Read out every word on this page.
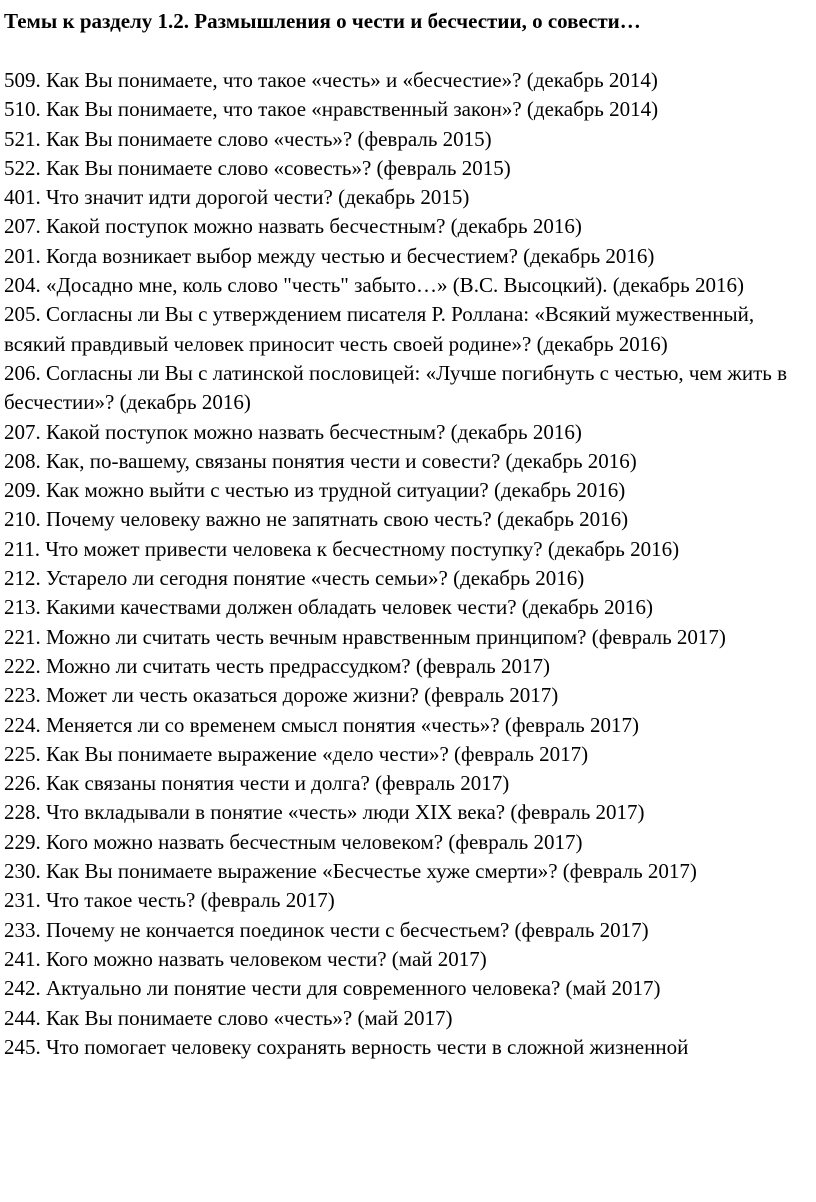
Темы к разделу 1.2. Размышления о чести и бесчестии, о совести…
509. Как Вы понимаете, что такое «честь» и «бесчестие»? (декабрь 2014)
510. Как Вы понимаете, что такое «нравственный закон»? (декабрь 2014)
521. Как Вы понимаете слово «честь»? (февраль 2015)
522. Как Вы понимаете слово «совесть»? (февраль 2015)
401. Что значит идти дорогой чести? (декабрь 2015)
207. Какой поступок можно назвать бесчестным? (декабрь 2016)
201. Когда возникает выбор между честью и бесчестием? (декабрь 2016)
204. «Досадно мне, коль слово "честь" забыто…» (В.С. Высоцкий). (декабрь 2016)
205. Согласны ли Вы с утверждением писателя Р. Роллана: «Всякий мужественный, всякий правдивый человек приносит честь своей родине»? (декабрь 2016)
206. Согласны ли Вы с латинской пословицей: «Лучше погибнуть с честью, чем жить в бесчестии»? (декабрь 2016)
207. Какой поступок можно назвать бесчестным? (декабрь 2016)
208. Как, по-вашему, связаны понятия чести и совести? (декабрь 2016)
209. Как можно выйти с честью из трудной ситуации? (декабрь 2016)
210. Почему человеку важно не запятнать свою честь? (декабрь 2016)
211. Что может привести человека к бесчестному поступку? (декабрь 2016)
212. Устарело ли сегодня понятие «честь семьи»? (декабрь 2016)
213. Какими качествами должен обладать человек чести? (декабрь 2016)
221. Можно ли считать честь вечным нравственным принципом? (февраль 2017)
222. Можно ли считать честь предрассудком? (февраль 2017)
223. Может ли честь оказаться дороже жизни? (февраль 2017)
224. Меняется ли со временем смысл понятия «честь»? (февраль 2017)
225. Как Вы понимаете выражение «дело чести»? (февраль 2017)
226. Как связаны понятия чести и долга? (февраль 2017)
228. Что вкладывали в понятие «честь» люди XIX века? (февраль 2017)
229. Кого можно назвать бесчестным человеком? (февраль 2017)
230. Как Вы понимаете выражение «Бесчестье хуже смерти»? (февраль 2017)
231. Что такое честь? (февраль 2017)
233. Почему не кончается поединок чести с бесчестьем? (февраль 2017)
241. Кого можно назвать человеком чести? (май 2017)
242. Актуально ли понятие чести для современного человека? (май 2017)
244. Как Вы понимаете слово «честь»? (май 2017)
245. Что помогает человеку сохранять верность чести в сложной жизненной
